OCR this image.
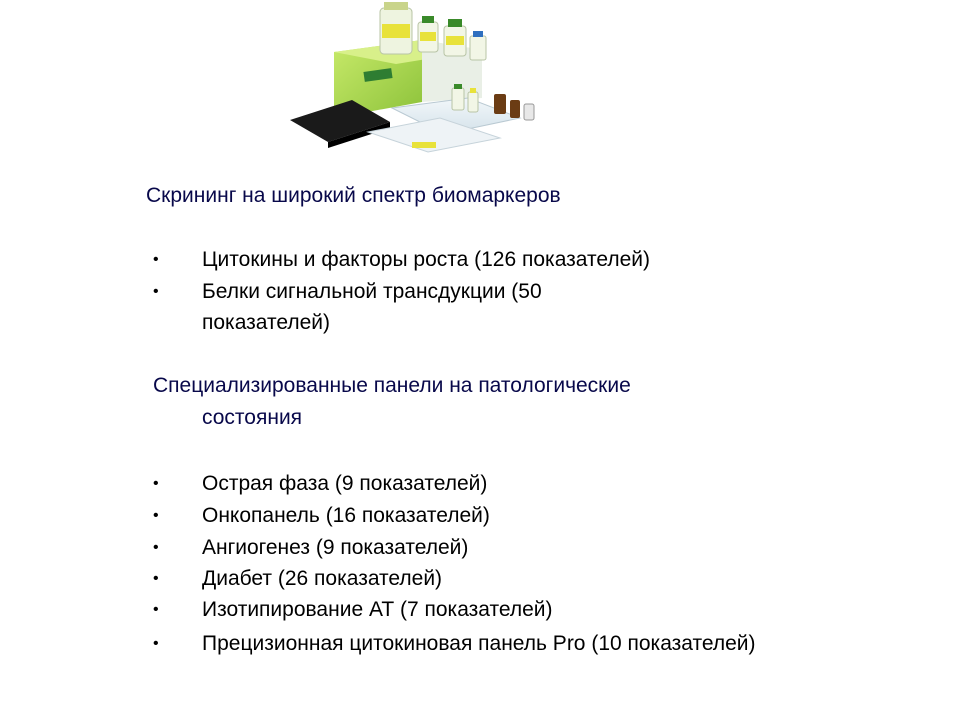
Скрининг на широкий спектр биомаркеров
• Цитокины и факторы роста (126 показателей)
• Белки сигнальной трансдукции (50 показателей)
Специализированные панели на патологические
состояния
• Острая фаза (9 показателей)
• Онкопанель (16 показателей)
• Ангиогенез (9 показателей)
• Диабет (26 показателей)
• Изотипирование АТ (7 показателей)
• Прецизионная цитокиновая панель Pro (10 показателей)
